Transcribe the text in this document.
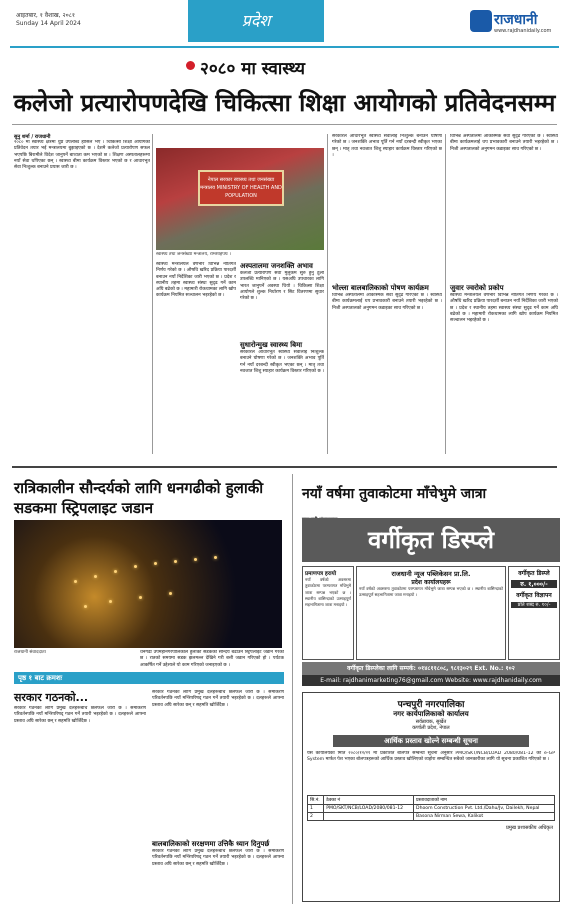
आइतबार, १ वैशाख, २०८१
Sunday 14 April 2024	प्रदेश	राजधानी
www.rajdhanidaily.com
२०८० मा स्वास्थ्य
कलेजो प्रत्यारोपणदेखि चिकित्सा शिक्षा आयोगको प्रतिवेदनसम्म
सुनु शर्मा / राजधानी
२०८० मा स्वास्थ्य क्षेत्रमा थुप्रै उपलब्धि हासिल भए । चिकित्सा शिक्षा आयोगको प्रतिवेदन तयार भई मन्त्रालयमा बुझाइएको छ । देशमै कलेजो प्रत्यारोपण सफल भएपछि बिरामीले विदेश जानुपर्ने बाध्यता कम भएको छ । शिक्षण अस्पतालहरूमा नयाँ सेवा थपिएका छन् । स्वास्थ्य बीमा कार्यक्रम विस्तार भएको छ र आधारभूत सेवा निःशुल्क बनाउने प्रयास जारी छ ।
नेपाल सरकार स्वास्थ्य तथा जनसंख्या मन्त्रालय MINISTRY OF HEALTH AND POPULATION
स्वास्थ्य तथा जनसंख्या मन्त्रालय, रामशाहपथ ।
स्वास्थ्य मन्त्रालयले वर्षभरि विभिन्न नीतिगत निर्णय गरेको छ । औषधि खरिद प्रक्रिया पारदर्शी बनाउन नयाँ निर्देशिका जारी भएको छ । प्रदेश र स्थानीय तहमा स्वास्थ्य संस्था सुदृढ गर्ने काम अघि बढेको छ । महामारी रोकथामका लागि खोप कार्यक्रम नियमित सञ्चालन भइरहेको छ ।
अस्पतालमा जनशक्ति अभाव
कलेजो प्रत्यारोपण सेवा मुलुकमै सुरु हुनु ठूलो उपलब्धि मानिएको छ । यसअघि उपचारका लागि भारत जानुपर्ने अवस्था थियो । चिकित्सा शिक्षा आयोगले शुल्क निर्धारण र सिट वितरणमा सुधार गरेको छ ।
सुधारोन्मुख स्वास्थ्य बिमा
सरकारले आधारभूत स्वास्थ्य सेवालाई निःशुल्क बनाउने घोषणा गरेको छ । जनशक्ति अभाव पूर्ति गर्न नयाँ दरबन्दी स्वीकृत भएका छन् । मातृ तथा नवजात शिशु स्याहार कार्यक्रम विस्तार गरिएको छ ।
सरकारले आधारभूत स्वास्थ्य सेवालाई निःशुल्क बनाउने घोषणा गरेको छ । जनशक्ति अभाव पूर्ति गर्न नयाँ दरबन्दी स्वीकृत भएका छन् । मातृ तथा नवजात शिशु स्याहार कार्यक्रम विस्तार गरिएको छ ।
भोल्ला बालबालिकाको पोषण कार्यक्रम
विभिन्न अस्पतालमा आकस्मिक सेवा सुदृढ गरिएको छ । स्वास्थ्य बीमा कार्यक्रमलाई थप प्रभावकारी बनाउने तयारी भइरहेको छ । निजी अस्पतालको अनुगमन कडाइका साथ गरिएको छ ।
विभिन्न अस्पतालमा आकस्मिक सेवा सुदृढ गरिएको छ । स्वास्थ्य बीमा कार्यक्रमलाई थप प्रभावकारी बनाउने तयारी भइरहेको छ । निजी अस्पतालको अनुगमन कडाइका साथ गरिएको छ ।
जुवार ज्वरोको प्रकोप
स्वास्थ्य मन्त्रालयले वर्षभरि विभिन्न नीतिगत निर्णय गरेको छ । औषधि खरिद प्रक्रिया पारदर्शी बनाउन नयाँ निर्देशिका जारी भएको छ । प्रदेश र स्थानीय तहमा स्वास्थ्य संस्था सुदृढ गर्ने काम अघि बढेको छ । महामारी रोकथामका लागि खोप कार्यक्रम नियमित सञ्चालन भइरहेको छ ।
रात्रिकालीन सौन्दर्यको लागि धनगढीको हुलाकी सडकमा स्ट्रिपलाइट जडान
राजधानी संवाददाता	धनगढी उपमहानगरपालिकाले हुलाकी सडकको सौन्दर्य बढाउन स्ट्रिपलाइट जडान गरेको छ । रातको समयमा सडक झलमल्ल देखिने गरी बत्ती जडान गरिएको हो । पर्यटक आकर्षित गर्ने उद्देश्यले यो काम गरिएको जनाइएको छ ।
पृष्ठ १ बाट क्रमशः
सरकार गठनको...
सरकार गठनका लागि प्रमुख दलहरूबीच छलफल जारी छ । समीकरण परिवर्तनपछि नयाँ मन्त्रिपरिषद् गठन गर्ने तयारी भइरहेको छ । दलहरूले आफ्ना प्रस्ताव अघि सारेका छन् र सहमति खोजिँदैछ ।
सरकार गठनका लागि प्रमुख दलहरूबीच छलफल जारी छ । समीकरण परिवर्तनपछि नयाँ मन्त्रिपरिषद् गठन गर्ने तयारी भइरहेको छ । दलहरूले आफ्ना प्रस्ताव अघि सारेका छन् र सहमति खोजिँदैछ ।
बालबालिकाको सरक्षणमा उत्तिकै ध्यान दिनुपर्छ
सरकार गठनका लागि प्रमुख दलहरूबीच छलफल जारी छ । समीकरण परिवर्तनपछि नयाँ मन्त्रिपरिषद् गठन गर्ने तयारी भइरहेको छ । दलहरूले आफ्ना प्रस्ताव अघि सारेका छन् र सहमति खोजिँदैछ ।
नयाँ वर्षमा तुवाकोटमा माँचेभुमे जात्रा
वर्गीकृत डिस्प्ले
प्रमाणपत्र हरायो
नयाँ वर्षको अवसरमा तुवाकोटमा परम्परागत माँचेभुमे जात्रा सम्पन्न भएको छ । स्थानीय बासिन्दाको उत्साहपूर्ण सहभागितामा जात्रा मनाइयो ।
राजधानी न्यूज पब्लिकेसन प्रा.लि.
प्रदेश कार्यालयहरू
नयाँ वर्षको अवसरमा तुवाकोटमा परम्परागत माँचेभुमे जात्रा सम्पन्न भएको छ । स्थानीय बासिन्दाको उत्साहपूर्ण सहभागितामा जात्रा मनाइयो ।
वर्गीकृत डिस्प्ले
रु. १,०००/-
वर्गीकृत विज्ञापन
प्रति शब्द रु. १०/-
वर्गीकृत डिस्प्लेका लागि सम्पर्क: ०१४८११८०८, ९८१३०२९ Ext. No.: १०२
E-mail: rajdhanimarketing76@gmail.com Website: www.rajdhanidaily.com
पन्चपुरी नगरपालिका
नगर कार्यपालिकाको कार्यालय
सर्वन्नायक, सुर्खेत
कर्णाली प्रदेश, नेपाल
आर्थिक प्रस्ताव खोल्ने सम्बन्धी सूचना
यस कार्यालयको मिति २०८०/१२/२१ मा प्रकाशित बोलपत्र सम्बन्धी सूचना अनुसार PMO/SKT/NCB/LOAD 2080/081-12 को e-GP System मार्फत पेश भएका बोलपत्रहरूको आर्थिक प्रस्ताव खोलिएको व्यहोरा सम्बन्धित सबैको जानकारीका लागि यो सूचना प्रकाशित गरिएको छ ।
सि.नं.	ठेक्का नं	प्रस्तावदाताको नाम
1	PMO/SKT/NCB/LOAD/2080/081-12	Dhoom Construction Pvt. Ltd./Dahu/Jv, Dailekh, Nepal
2		Basona Nirman Sewa, Kalikot
प्रमुख प्रशासकीय अधिकृत
